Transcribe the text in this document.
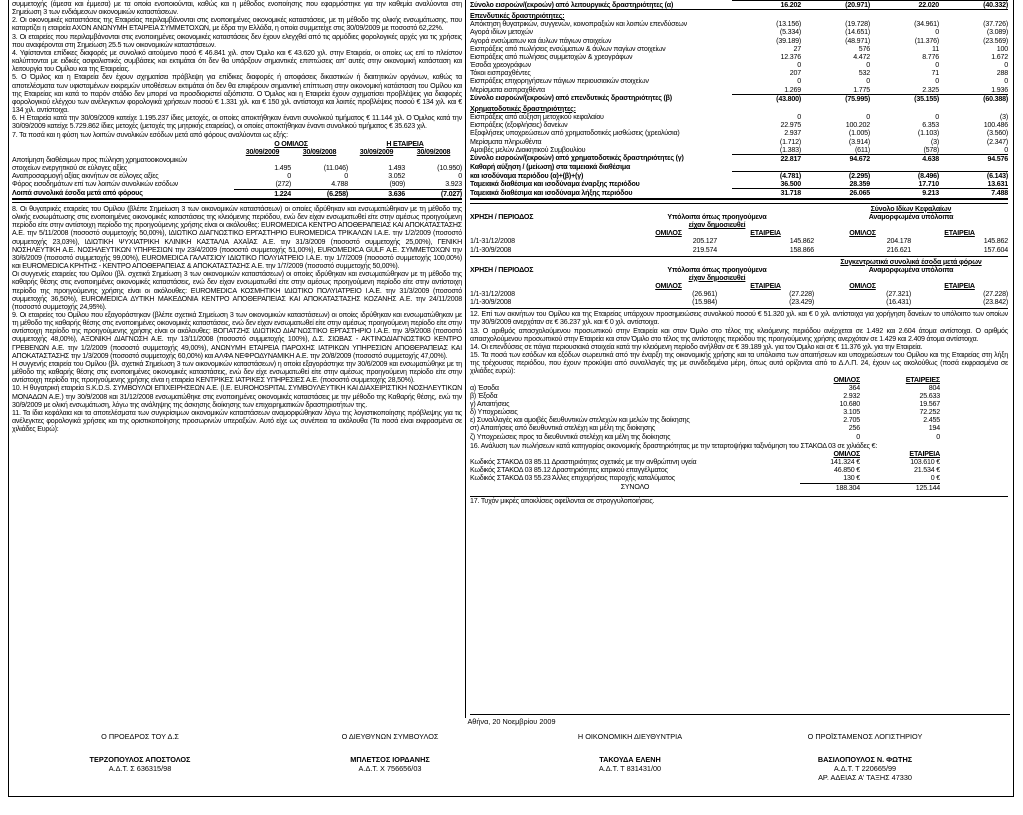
συμμετοχής (άμεσα και έμμεσα) με τα οποία ενοποιούνται, καθώς και η μέθοδος ενοποίησης που εφαρμόστηκε για την καθεμία αναλύονται στη Σημείωση 3 των ενδιάμεσων οικονομικών καταστάσεων.

2. Οι οικονομικές καταστάσεις της Εταιρείας περιλαμβάνονται στις ενοποιημένες οικονομικές καταστάσεις, με τη μέθοδο της ολικής ενσωμάτωσης, που καταρτίζει η εταιρεία ΑΧΟΝ ΑΝΩΝΥΜΗ ΕΤΑΙΡΕΙΑ ΣΥΜΜΕΤΟΧΩΝ, με έδρα την Ελλάδα, η οποία συμμετείχε στις 30/09/2009 με ποσοστό 62,22%.

3. Οι εταιρείες που περιλαμβάνονται στις ενοποιημένες οικονομικές καταστάσεις δεν έχουν ελεγχθεί από τις αρμόδιες φορολογικές αρχές για τις χρήσεις που αναφέρονται στη Σημείωση 25.5 των οικονομικών καταστάσεων.

4. Υφίστανται επίδικες διαφορές με συνολικό αιτούμενο ποσό € 46.841 χιλ. στον Όμιλο και € 43.620 χιλ. στην Εταιρεία, οι οποίες ως επί το πλείστον καλύπτονται με ειδικές ασφαλιστικές συμβάσεις και εκτιμάται ότι δεν θα υπάρξουν σημαντικές επιπτώσεις απ' αυτές στην οικονομική κατάσταση και λειτουργία του Ομίλου και της Εταιρείας.

5. Ο Όμιλος και η Εταιρεία δεν έχουν σχηματίσει πρόβλεψη για επίδικες διαφορές ή αποφάσεις δικαστικών ή διαιτητικών οργάνων, καθώς τα αποτελέσματα των υφισταμένων εκκρεμών υποθέσεων εκτιμάται ότι δεν θα επιφέρουν σημαντική επίπτωση στην οικονομική κατάσταση του Ομίλου και της Εταιρείας και κατά το παρόν στάδιο δεν μπορεί να προσδιοριστεί αξιόπιστα. Ο Όμιλος και η Εταιρεία έχουν σχηματίσει προβλέψεις για διαφορές φορολογικού ελέγχου των ανέλεγκτων φορολογικά χρήσεων ποσού € 1.331 χιλ. και € 150 χιλ. αντίστοιχα και λοιπές προβλέψεις ποσού € 134 χιλ. και € 134 χιλ. αντίστοιχα.

6. Η Εταιρεία κατά την 30/09/2009 κατείχε 1.195.237 ίδιες μετοχές, οι οποίες αποκτήθηκαν έναντι συνολικού τιμήματος € 11.144 χιλ. Ο Όμιλος κατά την 30/09/2009 κατείχε 5.729.862 ίδιες μετοχές (μετοχές της μητρικής εταιρείας), οι οποίες αποκτήθηκαν έναντι συνολικού τιμήματος € 35.623 χιλ.

7. Τα ποσά και η φύση των λοιπών συνολικών εσόδων μετά από φόρους αναλύονται ως εξής:

	Ο ΟΜΙΛΟΣ		Η ΕΤΑΙΡΕΙΑ	
	30/09/2009	30/09/2008	30/09/2009	30/09/2008
Αποτίμηση διαθέσιμων προς πώληση χρηματοοικονομικών				
στοιχείων ενεργητικού σε εύλογες αξίες	1.495	(11.046)	1.493	(10.950)
Αναπροσαρμογή αξίας ακινήτων σε εύλογες αξίες	0	0	3.052	0
Φόρος εισοδημάτων επί των λοιπών συνολικών εσόδων	(272)	4.788	(909)	3.923
Λοιπά συνολικά έσοδα μετά από φόρους	1.224	(6.258)	3.636	(7.027)

8. Οι θυγατρικές εταιρείες του Ομίλου (βλέπε Σημείωση 3 των οικονομικών καταστάσεων) οι οποίες ιδρύθηκαν και ενσωματώθηκαν με τη μέθοδο της ολικής ενσωμάτωσης στις ενοποιημένες οικονομικές καταστάσεις της κλειόμενης περιόδου, ενώ δεν είχαν ενσωματωθεί είτε στην αμέσως προηγούμενη περίοδο είτε στην αντίστοιχη περίοδο της προηγούμενης χρήσης είναι οι ακόλουθες: EUROMEDICA ΚΕΝΤΡΟ ΑΠΟΘΕΡΑΠΕΙΑΣ ΚΑΙ ΑΠΟΚΑΤΑΣΤΑΣΗΣ Α.Ε. την 5/11/2008 (ποσοστό συμμετοχής 50,00%), ΙΔΙΩΤΙΚΟ ΔΙΑΓΝΩΣΤΙΚΟ ΕΡΓΑΣΤΗΡΙΟ EUROMEDICA ΤΡΙΚΑΛΩΝ Ι.Α.Ε. την 1/2/2009 (ποσοστό συμμετοχής 23,03%), ΙΔΙΩΤΙΚΗ ΨΥΧΙΑΤΡΙΚΗ ΚΛΙΝΙΚΗ ΚΑΣΤΑΛΙΑ ΑΧΑΪΑΣ Α.Ε. την 31/3/2009 (ποσοστό συμμετοχής 25,00%), ΓΕΝΙΚΗ ΝΟΣΗΛΕΥΤΙΚΗ Α.Ε. ΝΟΣΗΛΕΥΤΙΚΩΝ ΥΠΗΡΕΣΙΩΝ την 23/4/2009 (ποσοστό συμμετοχής 51,00%), EUROMEDICA GULF Α.Ε. ΣΥΜΜΕΤΟΧΩΝ την 30/6/2009 (ποσοστό συμμετοχής 99,00%), EUROMEDICA ΓΑΛΑΤΣΙΟΥ ΙΔΙΩΤΙΚΟ ΠΟΛΥΙΑΤΡΕΙΟ Ι.Α.Ε. την 1/7/2009 (ποσοστό συμμετοχής 100,00%) και EUROMEDICA ΚΡΗΤΗΣ - ΚΕΝΤΡΟ ΑΠΟΘΕΡΑΠΕΙΑΣ & ΑΠΟΚΑΤΑΣΤΑΣΗΣ Α.Ε. την 1/7/2009 (ποσοστό συμμετοχής 50,00%).

Οι συγγενείς εταιρείες του Ομίλου (βλ. σχετικά Σημείωση 3 των οικονομικών καταστάσεων) οι οποίες ιδρύθηκαν και ενσωματώθηκαν με τη μέθοδο της καθαρής θέσης στις ενοποιημένες οικονομικές καταστάσεις, ενώ δεν είχαν ενσωματωθεί είτε στην αμέσως προηγούμενη περίοδο είτε στην αντίστοιχη περίοδο της προηγούμενης χρήσης είναι οι ακόλουθες: EUROMEDICA ΚΟΣΜΗΤΙΚΗ ΙΔΙΩΤΙΚΟ ΠΟΛΥΙΑΤΡΕΙΟ Ι.Α.Ε. την 31/3/2009 (ποσοστό συμμετοχής 36,50%), EUROMEDICA ΔΥΤΙΚΗ ΜΑΚΕΔΟΝΙΑ ΚΕΝΤΡΟ ΑΠΟΘΕΡΑΠΕΙΑΣ ΚΑΙ ΑΠΟΚΑΤΑΣΤΑΣΗΣ ΚΟΖΑΝΗΣ Α.Ε. την 24/11/2008 (ποσοστό συμμετοχής 24,95%).

9. Οι εταιρείες του Ομίλου που εξαγοράστηκαν (βλέπε σχετικά Σημείωση 3 των οικονομικών καταστάσεων) οι οποίες ιδρύθηκαν και ενσωματώθηκαν με τη μέθοδο της καθαρής θέσης στις ενοποιημένες οικονομικές καταστάσεις, ενώ δεν είχαν ενσωματωθεί είτε στην αμέσως προηγούμενη περίοδο είτε στην αντίστοιχη περίοδο της προηγούμενης χρήσης είναι οι ακόλουθες: ΒΟΓΙΑΤΖΗΣ ΙΔΙΩΤΙΚΟ ΔΙΑΓΝΩΣΤΙΚΟ ΕΡΓΑΣΤΗΡΙΟ Ι.Α.Ε. την 3/9/2008 (ποσοστό συμμετοχής 48,00%), ΑΞΟΝΙΚΗ ΔΙΑΓΝΩΣΗ Α.Ε. την 13/11/2008 (ποσοστό συμμετοχής 100%), Δ.Σ. ΣΙΩΒΑΣ - ΑΚΤΙΝΟΔΙΑΓΝΩΣΤΙΚΟ ΚΕΝΤΡΟ ΓΡΕΒΕΝΩΝ Α.Ε. την 1/2/2009 (ποσοστό συμμετοχής 49,00%), ΑΝΩΝΥΜΗ ΕΤΑΙΡΕΙΑ ΠΑΡΟΧΗΣ ΙΑΤΡΙΚΩΝ ΥΠΗΡΕΣΙΩΝ ΑΠΟΘΕΡΑΠΕΙΑΣ ΚΑΙ ΑΠΟΚΑΤΑΣΤΑΣΗΣ την 1/3/2009 (ποσοστό συμμετοχής 60,00%) και ΑΛΦΑ ΝΕΦΡΟΔΥΝΑΜΙΚΗ Α.Ε. την 20/8/2009 (ποσοστό συμμετοχής 47,00%).

Η συγγενής εταιρεία του Ομίλου (βλ. σχετικά Σημείωση 3 των οικονομικών καταστάσεων) η οποία εξαγοράστηκε την 30/6/2009 και ενσωματώθηκε με τη μέθοδο της καθαρής θέσης στις ενοποιημένες οικονομικές καταστάσεις, ενώ δεν είχε ενσωματωθεί είτε στην αμέσως προηγούμενη περίοδο είτε στην αντίστοιχη περίοδο της προηγούμενης χρήσης είναι η εταιρεία ΚΕΝΤΡΙΚΕΣ ΙΑΤΡΙΚΕΣ ΥΠΗΡΕΣΙΕΣ Α.Ε. (ποσοστό συμμετοχής 28,50%).

10. Η θυγατρική εταιρεία S.K.D.S. ΣΥΜΒΟΥΛΟΙ ΕΠΙΧΕΙΡΗΣΕΩΝ Α.Ε. (Ι.Ε. EUROHOSPITAL ΣΥΜΒΟΥΛΕΥΤΙΚΗ ΚΑΙ ΔΙΑΧΕΙΡΙΣΤΙΚΗ ΝΟΣΗΛΕΥΤΙΚΩΝ ΜΟΝΑΔΩΝ Α.Ε.) την 30/9/2008 και 31/12/2008 ενσωματώθηκε στις ενοποιημένες οικονομικές καταστάσεις με την μέθοδο της Καθαρής θέσης, ενώ την 30/9/2009 με ολική ενσωμάτωση, λόγω της ανάληψης της άσκησης διοίκησης των επιχειρηματικών δραστηριοτήτων της.

11. Τα ίδια κεφάλαια και τα αποτελέσματα των συγκρίσιμων οικονομικών καταστάσεων αναμορφώθηκαν λόγω της λογιστικοποίησης πρόβλεψης για τις ανέλεγκτες φορολογικά χρήσεις και της οριστικοποίησης προσωρινών υπεραξιών. Αυτό είχε ως συνέπεια τα ακόλουθα (Τα ποσά είναι εκφρασμένα σε χιλιάδες Ευρώ):

Σύνολο εισροών/(εκροών) από λειτουργικές δραστηριότητες (α)	16.202	(20.971)	22.020	(40.332)
Επενδυτικές δραστηριότητες:				
Απόκτηση θυγατρικών, συγγενών, κοινοπραξιών και λοιπών επενδύσεων	(13.156)	(19.728)	(34.961)	(37.726)
Αγορά ιδίων μετοχών	(5.334)	(14.651)	0	(3.089)
Αγορά ενσώματων και άυλων πάγιων στοιχείων	(39.189)	(48.971)	(11.376)	(23.569)
Εισπράξεις από πωλήσεις ενσώματων & άυλων παγίων στοιχείων	27	576	11	100
Εισπράξεις από πωλήσεις συμμετοχών & χρεογράφων	12.376	4.472	8.776	1.672
Έσοδα χρεογράφων	0	0	0	0
Τόκοι εισπραχθέντες	207	532	71	288
Εισπράξεις επιχορηγήσεων πάγιων περιουσιακών στοιχείων	0	0	0	0
Μερίσματα εισπραχθέντα	1.269	1.775	2.325	1.936
Σύνολο εισροών/(εκροών) από επενδυτικές δραστηριότητες (β)	(43.800)	(75.995)	(35.155)	(60.388)
Χρηματοδοτικές δραστηριότητες:				
Εισπράξεις από αύξηση μετοχικού κεφαλαίου	0	0	0	(3)
Εισπράξεις (εξοφλήσεις) δανείων	22.975	100.202	6.353	100.486
Εξοφλήσεις υποχρεώσεων από χρηματοδοτικές μισθώσεις (χρεολύσια)	2.937	(1.005)	(1.103)	(3.560)
Μερίσματα πληρωθέντα	(1.712)	(3.914)	(3)	(2.347)
Αμοιβές μελών Διοικητικού Συμβουλίου	(1.383)	(611)	(578)	0
Σύνολο εισροών/(εκροών) από χρηματοδοτικές δραστηριότητες (γ)	22.817	94.672	4.638	94.576
Καθαρή αύξηση / (μείωση) στα ταμειακά διαθέσιμα				
και ισοδύναμα περιόδου (α)+(β)+(γ)	(4.781)	(2.295)	(8.496)	(6.143)
Ταμειακά διαθέσιμα και ισοδύναμα έναρξης περιόδου	36.500	28.359	17.710	13.631
Ταμειακά διαθέσιμα και ισοδύναμα λήξης περιόδου	31.718	26.065	9.213	7.488
			Σύνολο Ιδίων Κεφαλαίων	
ΧΡΗΣΗ / ΠΕΡΙΟΔΟΣ	Υπόλοιπα όπως προηγούμενα		Αναμορφωμένα υπόλοιπα	
	είχαν δημοσιευθεί			
	ΟΜΙΛΟΣ	ΕΤΑΙΡΕΙΑ	ΟΜΙΛΟΣ	ΕΤΑΙΡΕΙΑ
1/1-31/12/2008	205.127	145.862	204.178	145.862
1/1-30/9/2008	219.574	158.866	216.621	157.604
			Συγκεντρωτικά συνολικά έσοδα μετά φόρων	
ΧΡΗΣΗ / ΠΕΡΙΟΔΟΣ	Υπόλοιπα όπως προηγούμενα		Αναμορφωμένα υπόλοιπα	
	είχαν δημοσιευθεί			
	ΟΜΙΛΟΣ	ΕΤΑΙΡΕΙΑ	ΟΜΙΛΟΣ	ΕΤΑΙΡΕΙΑ
1/1-31/12/2008	(26.961)	(27.228)	(27.321)	(27.228)
1/1-30/9/2008	(15.984)	(23.429)	(16.431)	(23.842)

12. Επί των ακινήτων του Ομίλου και της Εταιρείας υπάρχουν προσημειώσεις συνολικού ποσού € 51.320 χιλ. και € 0 χιλ. αντίστοιχα για χορήγηση δανείων το υπόλοιπο των οποίων την 30/9/2009 ανερχόταν σε € 36.237 χιλ. και € 0 χιλ. αντίστοιχα.

13. Ο αριθμός απασχολούμενου προσωπικού στην Εταιρεία και στον Όμιλο στο τέλος της κλειόμενης περιόδου ανέρχεται σε 1.492 και 2.604 άτομα αντίστοιχα. Ο αριθμός απασχολούμενου προσωπικού στην Εταιρεία και στον Όμιλο στο τέλος της αντίστοιχης περιόδου της προηγούμενης χρήσης ανερχόταν σε 1.429 και 2.409 άτομα αντίστοιχα.

14. Οι επενδύσεις σε πάγια περιουσιακά στοιχεία κατά την κλειόμενη περίοδο ανήλθαν σε € 39.189 χιλ. για τον Όμιλο και σε € 11.376 χιλ. για την Εταιρεία.

15. Τα ποσά των εσόδων και εξόδων σωρευτικά από την έναρξη της οικονομικής χρήσης και τα υπόλοιπα των απαιτήσεων και υποχρεώσεων του Ομίλου και της Εταιρείας στη λήξη της τρέχουσας περιόδου, που έχουν προκύψει από συναλλαγές της με συνδεδεμένα μέρη, όπως αυτά ορίζονται από το Δ.Λ.Π. 24, έχουν ως ακολούθως (ποσά εκφρασμένα σε χιλιάδες ευρώ):

	ΟΜΙΛΟΣ	ΕΤΑΙΡΕΙΕΣ	
α) Έσοδα	364	804	
β) Έξοδα	2.932	25.633	
γ) Απαιτήσεις	10.680	19.567	
δ) Υποχρεώσεις	3.105	72.252	
ε) Συναλλαγές και αμοιβές διευθυντικών στελεχών και μελών της διοίκησης	2.705	2.455	
στ) Απαιτήσεις από διευθυντικά στελέχη και μέλη της διοίκησης	256	194	
ζ) Υποχρεώσεις προς τα διευθυντικά στελέχη και μέλη της διοίκησης	0	0	

16. Ανάλυση των πωλήσεων κατά κατηγορίας οικονομικής δραστηριότητας με την τεταρτοψήφια ταξινόμηση του ΣΤΑΚΟΔ 03 σε χιλιάδες €:

	ΟΜΙΛΟΣ	ΕΤΑΙΡΕΙΑ	
Κωδικός ΣΤΑΚΟΔ 03 85.11 Δραστηριότητες σχετικές με την ανθρώπινη υγεία	141.324 €	103.610 €	
Κωδικός ΣΤΑΚΟΔ 03 85.12 Δραστηριότητες ιατρικού επαγγέλματος	46.850 €	21.534 €	
Κωδικός ΣΤΑΚΟΔ 03 55.23 Άλλες επιχειρήσεις παροχής καταλύματος	130 €	0 €	
ΣΥΝΟΛΟ	188.304	125.144	

17. Τυχόν μικρές αποκλίσεις οφείλονται σε στρογγυλοποιήσεις.

Αθήνα, 20 Νοεμβρίου 2009
Ο ΠΡΟΕΔΡΟΣ ΤΟΥ Δ.Σ
ΤΕΡΖΟΠΟΥΛΟΣ ΑΠΟΣΤΟΛΟΣ
Α.Δ.Τ. Σ 636315/98
Ο ΔΙΕΥΘΥΝΩΝ ΣΥΜΒΟΥΛΟΣ
ΜΠΛΕΤΣΟΣ ΙΟΡΔΑΝΗΣ
Α.Δ.Τ. Χ 756656/03
Η ΟΙΚΟΝΟΜΙΚΗ ΔΙΕΥΘΥΝΤΡΙΑ
ΤΑΚΟΥΔΑ ΕΛΕΝΗ
Α.Δ.Τ. Τ 831431/00
Ο ΠΡΟΪΣΤΑΜΕΝΟΣ ΛΟΓΙΣΤΗΡΙΟΥ
ΒΑΣΙΛΟΠΟΥΛΟΣ Ν. ΦΩΤΗΣ
Α.Δ.Τ. Τ 220665/99
ΑΡ. ΑΔΕΙΑΣ Α' ΤΑΞΗΣ 47330
